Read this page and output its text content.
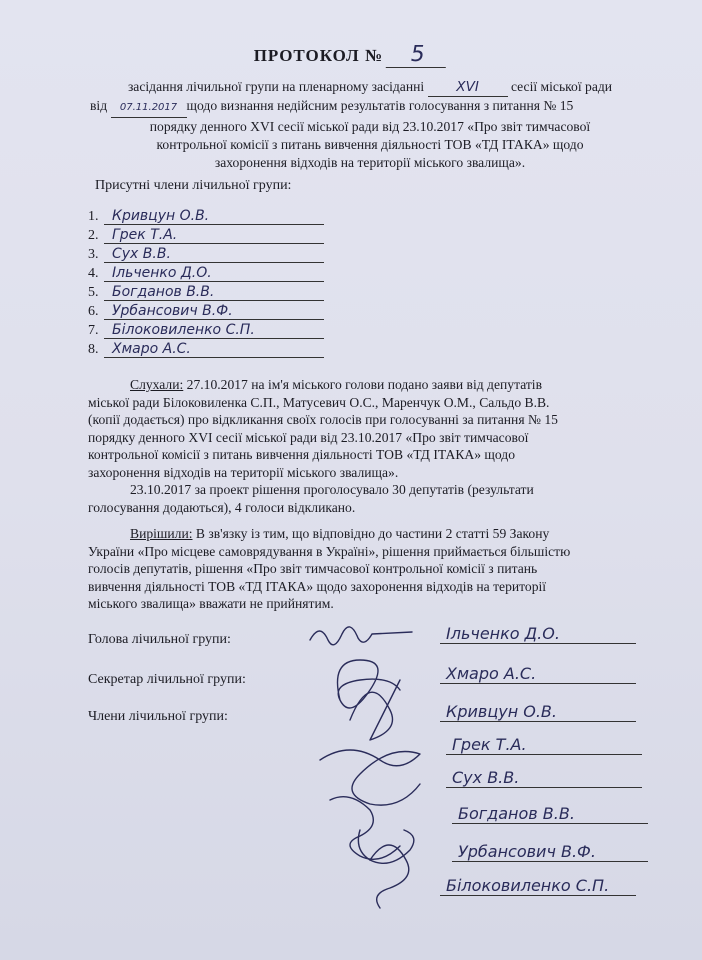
ПРОТОКОЛ № 5
засідання лічильної групи на пленарному засіданні XVI сесії міської ради
від 07.11.2017 щодо визнання недійсним результатів голосування з питання № 15
порядку денного XVI сесії міської ради від 23.10.2017 «Про звіт тимчасової
контрольної комісії з питань вивчення діяльності ТОВ «ТД ІТАКА» щодо
захоронення відходів на території міського звалища».
Присутні члени лічильної групи:
1. Кривцун О.В.
2. Грек Т.А.
3. Сух В.В.
4. Ільченко Д.О.
5. Богданов В.В.
6. Урбансович В.Ф.
7. Білоковиленко С.П.
8. Хмаро А.С.
Слухали: 27.10.2017 на ім'я міського голови подано заяви від депутатів
міської ради Білоковиленка С.П., Матусевич О.С., Маренчук О.М., Сальдо В.В.
(копії додається) про відкликання своїх голосів при голосуванні за питання № 15
порядку денного XVI сесії міської ради від 23.10.2017 «Про звіт тимчасової
контрольної комісії з питань вивчення діяльності ТОВ «ТД ІТАКА» щодо
захоронення відходів на території міського звалища».
23.10.2017 за проект рішення проголосувало 30 депутатів (результати
голосування додаються), 4 голоси відкликано.
Вирішили: В зв'язку із тим, що відповідно до частини 2 статті 59 Закону
України «Про місцеве самоврядування в Україні», рішення приймається більшістю
голосів депутатів, рішення «Про звіт тимчасової контрольної комісії з питань
вивчення діяльності ТОВ «ТД ІТАКА» щодо захоронення відходів на території
міського звалища» вважати не прийнятим.
Голова лічильної групи:
Секретар лічильної групи:
Члени лічильної групи:
Ільченко Д.О.
Хмаро А.С.
Кривцун О.В.
Грек Т.А.
Сух В.В.
Богданов В.В.
Урбансович В.Ф.
Білоковиленко С.П.
